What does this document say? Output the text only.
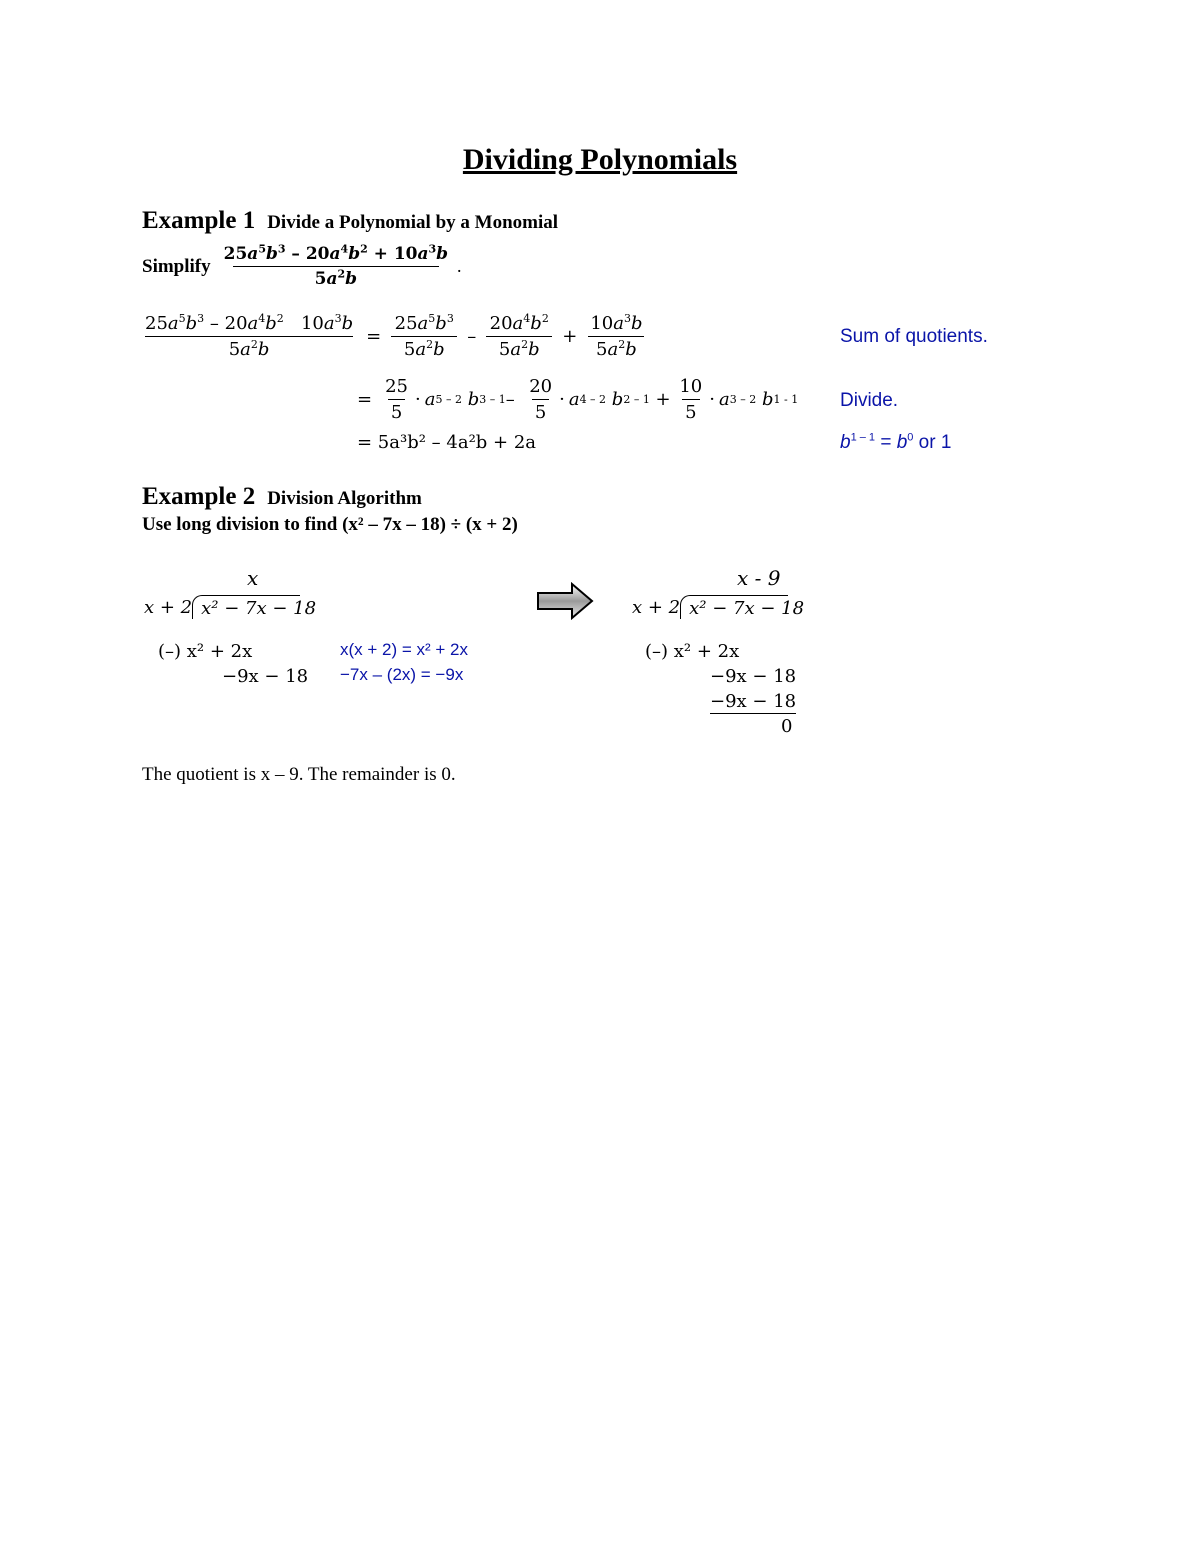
Dividing Polynomials
Example 1 Divide a Polynomial by a Monomial
Simplify $\frac{25a^5b^3 - 20a^4b^2 + 10a^3b}{5a^2b}$ .
$\frac{25a^5b^3 - 20a^4b^2 10a^3b}{5a^2b} = \frac{25a^5b^3}{5a^2b} - \frac{20a^4b^2}{5a^2b} + \frac{10a^3b}{5a^2b}$	Sum of quotients.
= $\frac{25}{5} \cdot a$ 5 – 2
b $3 - 1 - \frac{20}{5} \cdot a$ 4 – 2
b $2 - 1 + \frac{10}{5} \cdot a$ 3 – 2
b 1 - 1 Divide.
= 5a³b² – 4a²b + 2a	$b^{1 - 1} = b^0$ or 1
Example 2 Division Algorithm
Use long division to find (x² – 7x – 18) ÷ (x + 2)
x
x + 2 x² − 7x − 18
(–) x² + 2x
−9x − 18
x(x + 2) = x² + 2x
−7x – (2x) = −9x
x - 9
x + 2 x² − 7x − 18
(–) x² + 2x
−9x − 18
−9x − 18
0
The quotient is x – 9. The remainder is 0.
